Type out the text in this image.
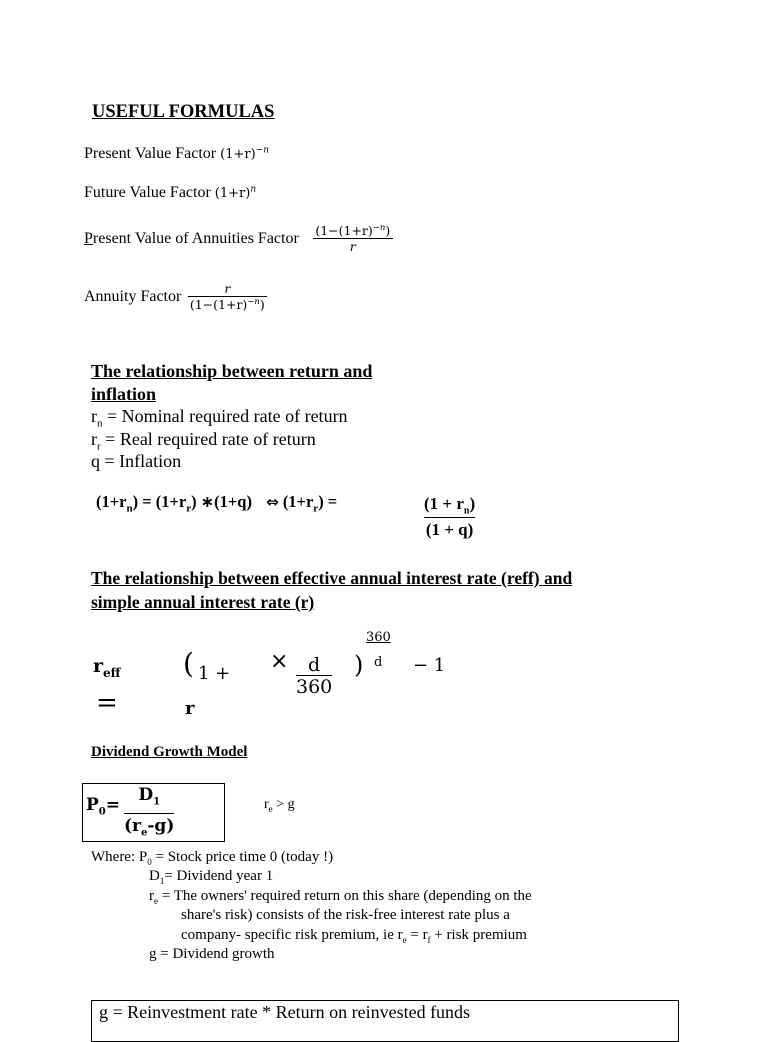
USEFUL FORMULAS
Present Value Factor $(1+r)^{-n}$
Future Value Factor $(1+r)^n$
Present Value of Annuities Factor $\frac{(1-(1+r)^{-n})}{r}$
Annuity Factor $\frac{r}{(1-(1+r)^{-n})}$
The relationship between return and
inflation
$r_n$ = Nominal required rate of return
$r_r$ = Real required rate of return
q = Inflation
$(1+r_n) = (1+r_r)$ ∗(1+q) ⇔ $(1+r_r)$ =	$(1 + r_n)$
(1 + q)
The relationship between effective annual interest rate (reff) and
simple annual interest rate (r)
360
d
$r_{eff}$
=
( 1 + ×	d
360
)	− 1
r
Dividend Growth Model
$P_0=$	$D_1$
$(r_e-g)$
$r_e > g$
Where: $P_0$ = Stock price time 0 (today !)
$D_1=$ Dividend year 1
$r_e$ = The owners' required return on this share (depending on the
share's risk) consists of the risk-free interest rate plus a
company- specific risk premium, ie $r_e = r_f$ + risk premium
g = Dividend growth
g = Reinvestment rate * Return on reinvested funds
